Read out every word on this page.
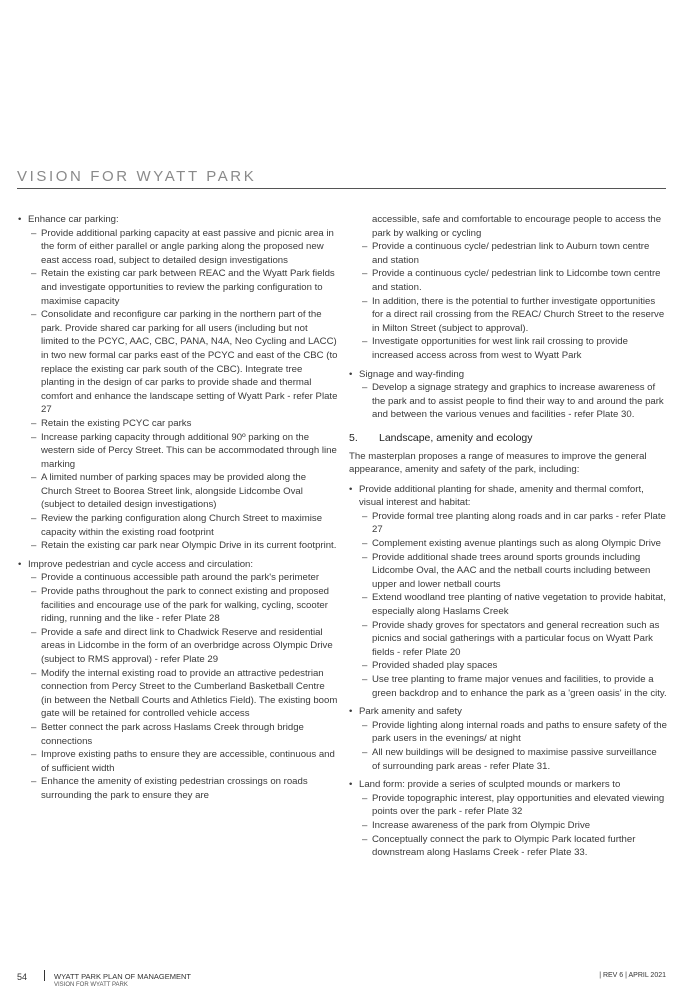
VISION FOR WYATT PARK
• Enhance car parking:
– Provide additional parking capacity at east passive and picnic area in the form of either parallel or angle parking along the proposed new east access road, subject to detailed design investigations
– Retain the existing car park between REAC and the Wyatt Park fields and investigate opportunities to review the parking configuration to maximise capacity
– Consolidate and reconfigure car parking in the northern part of the park. Provide shared car parking for all users (including but not limited to the PCYC, AAC, CBC, PANA, N4A, Neo Cycling and LACC) in two new formal car parks east of the PCYC and east of the CBC (to replace the existing car park south of the CBC). Integrate tree planting in the design of car parks to provide shade and thermal comfort and enhance the landscape setting of Wyatt Park - refer Plate 27
– Retain the existing PCYC car parks
– Increase parking capacity through additional 90º parking on the western side of Percy Street. This can be accommodated through line marking
– A limited number of parking spaces may be provided along the Church Street to Boorea Street link, alongside Lidcombe Oval (subject to detailed design investigations)
– Review the parking configuration along Church Street to maximise capacity within the existing road footprint
– Retain the existing car park near Olympic Drive in its current footprint.
• Improve pedestrian and cycle access and circulation:
– Provide a continuous accessible path around the park's perimeter
– Provide paths throughout the park to connect existing and proposed facilities and encourage use of the park for walking, cycling, scooter riding, running and the like - refer Plate 28
– Provide a safe and direct link to Chadwick Reserve and residential areas in Lidcombe in the form of an overbridge across Olympic Drive (subject to RMS approval) - refer Plate 29
– Modify the internal existing road to provide an attractive pedestrian connection from Percy Street to the Cumberland Basketball Centre (in between the Netball Courts and Athletics Field). The existing boom gate will be retained for controlled vehicle access
– Better connect the park across Haslams Creek through bridge connections
– Improve existing paths to ensure they are accessible, continuous and of sufficient width
– Enhance the amenity of existing pedestrian crossings on roads surrounding the park to ensure they are
accessible, safe and comfortable to encourage people to access the park by walking or cycling
– Provide a continuous cycle/ pedestrian link to Auburn town centre and station
– Provide a continuous cycle/ pedestrian link to Lidcombe town centre and station.
– In addition, there is the potential to further investigate opportunities for a direct rail crossing from the REAC/ Church Street to the reserve in Milton Street (subject to approval).
– Investigate opportunities for west link rail crossing to provide increased access across from west to Wyatt Park
• Signage and way-finding
– Develop a signage strategy and graphics to increase awareness of the park and to assist people to find their way to and around the park and between the various venues and facilities - refer Plate 30.
5.	Landscape, amenity and ecology
The masterplan proposes a range of measures to improve the general appearance, amenity and safety of the park, including:
• Provide additional planting for shade, amenity and thermal comfort, visual interest and habitat:
– Provide formal tree planting along roads and in car parks - refer Plate 27
– Complement existing avenue plantings such as along Olympic Drive
– Provide additional shade trees around sports grounds including Lidcombe Oval, the AAC and the netball courts including between upper and lower netball courts
– Extend woodland tree planting of native vegetation to provide habitat, especially along Haslams Creek
– Provide shady groves for spectators and general recreation such as picnics and social gatherings with a particular focus on Wyatt Park fields - refer Plate 20
– Provided shaded play spaces
– Use tree planting to frame major venues and facilities, to provide a green backdrop and to enhance the park as a 'green oasis' in the city.
• Park amenity and safety
– Provide lighting along internal roads and paths to ensure safety of the park users in the evenings/ at night
– All new buildings will be designed to maximise passive surveillance of surrounding park areas - refer Plate 31.
• Land form: provide a series of sculpted mounds or markers to
– Provide topographic interest, play opportunities and elevated viewing points over the park - refer Plate 32
– Increase awareness of the park from Olympic Drive
– Conceptually connect the park to Olympic Park located further downstream along Haslams Creek - refer Plate 33.
54	WYATT PARK PLAN OF MANAGEMENT
VISION FOR WYATT PARK
| REV 6 | APRIL 2021
